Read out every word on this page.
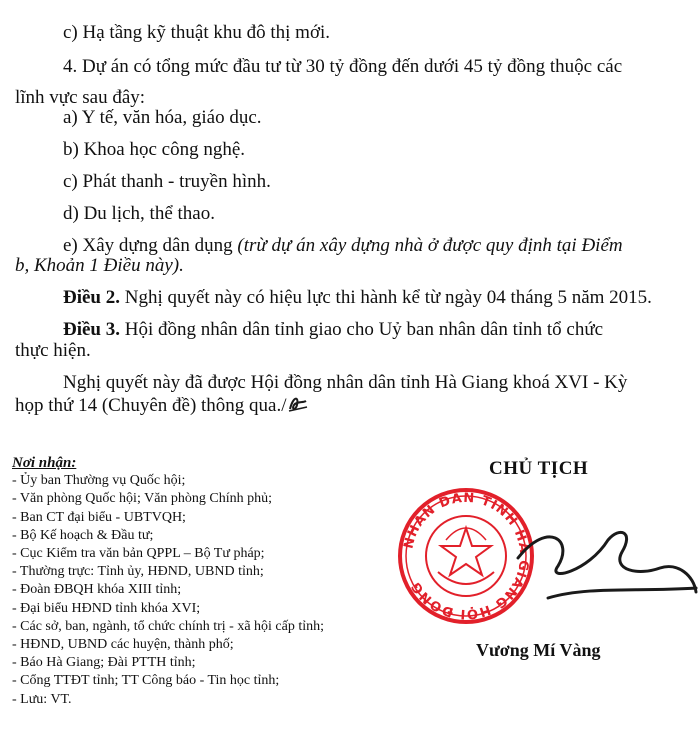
c) Hạ tầng kỹ thuật khu đô thị mới.
4. Dự án có tổng mức đầu tư từ 30 tỷ đồng đến dưới 45 tỷ đồng thuộc các
lĩnh vực sau đây:
a) Y tế, văn hóa, giáo dục.
b) Khoa học công nghệ.
c) Phát thanh - truyền hình.
d) Du lịch, thể thao.
e) Xây dựng dân dụng (trừ dự án xây dựng nhà ở được quy định tại Điểm
b, Khoản 1 Điều này).
Điều 2. Nghị quyết này có hiệu lực thi hành kể từ ngày 04 tháng 5 năm 2015.
Điều 3. Hội đồng nhân dân tỉnh giao cho Uỷ ban nhân dân tỉnh tổ chức
thực hiện.
Nghị quyết này đã được Hội đồng nhân dân tỉnh Hà Giang khoá XVI - Kỳ
họp thứ 14 (Chuyên đề) thông qua./
Nơi nhận:
- Ủy ban Thường vụ Quốc hội;
- Văn phòng Quốc hội; Văn phòng Chính phủ;
- Ban CT đại biểu - UBTVQH;
- Bộ Kế hoạch & Đầu tư;
- Cục Kiểm tra văn bản QPPL – Bộ Tư pháp;
- Thường trực: Tỉnh ủy, HĐND, UBND tỉnh;
- Đoàn ĐBQH khóa XIII tỉnh;
- Đại biểu HĐND tỉnh khóa XVI;
- Các sở, ban, ngành, tổ chức chính trị - xã hội cấp tỉnh;
- HĐND, UBND các huyện, thành phố;
- Báo Hà Giang; Đài PTTH tỉnh;
- Cổng TTĐT tỉnh; TT Công báo - Tin học tỉnh;
- Lưu: VT.
CHỦ TỊCH
NHÂN DÂN TỈNH HÀ GIANG HỘI ĐỒNG
Vương Mí Vàng
